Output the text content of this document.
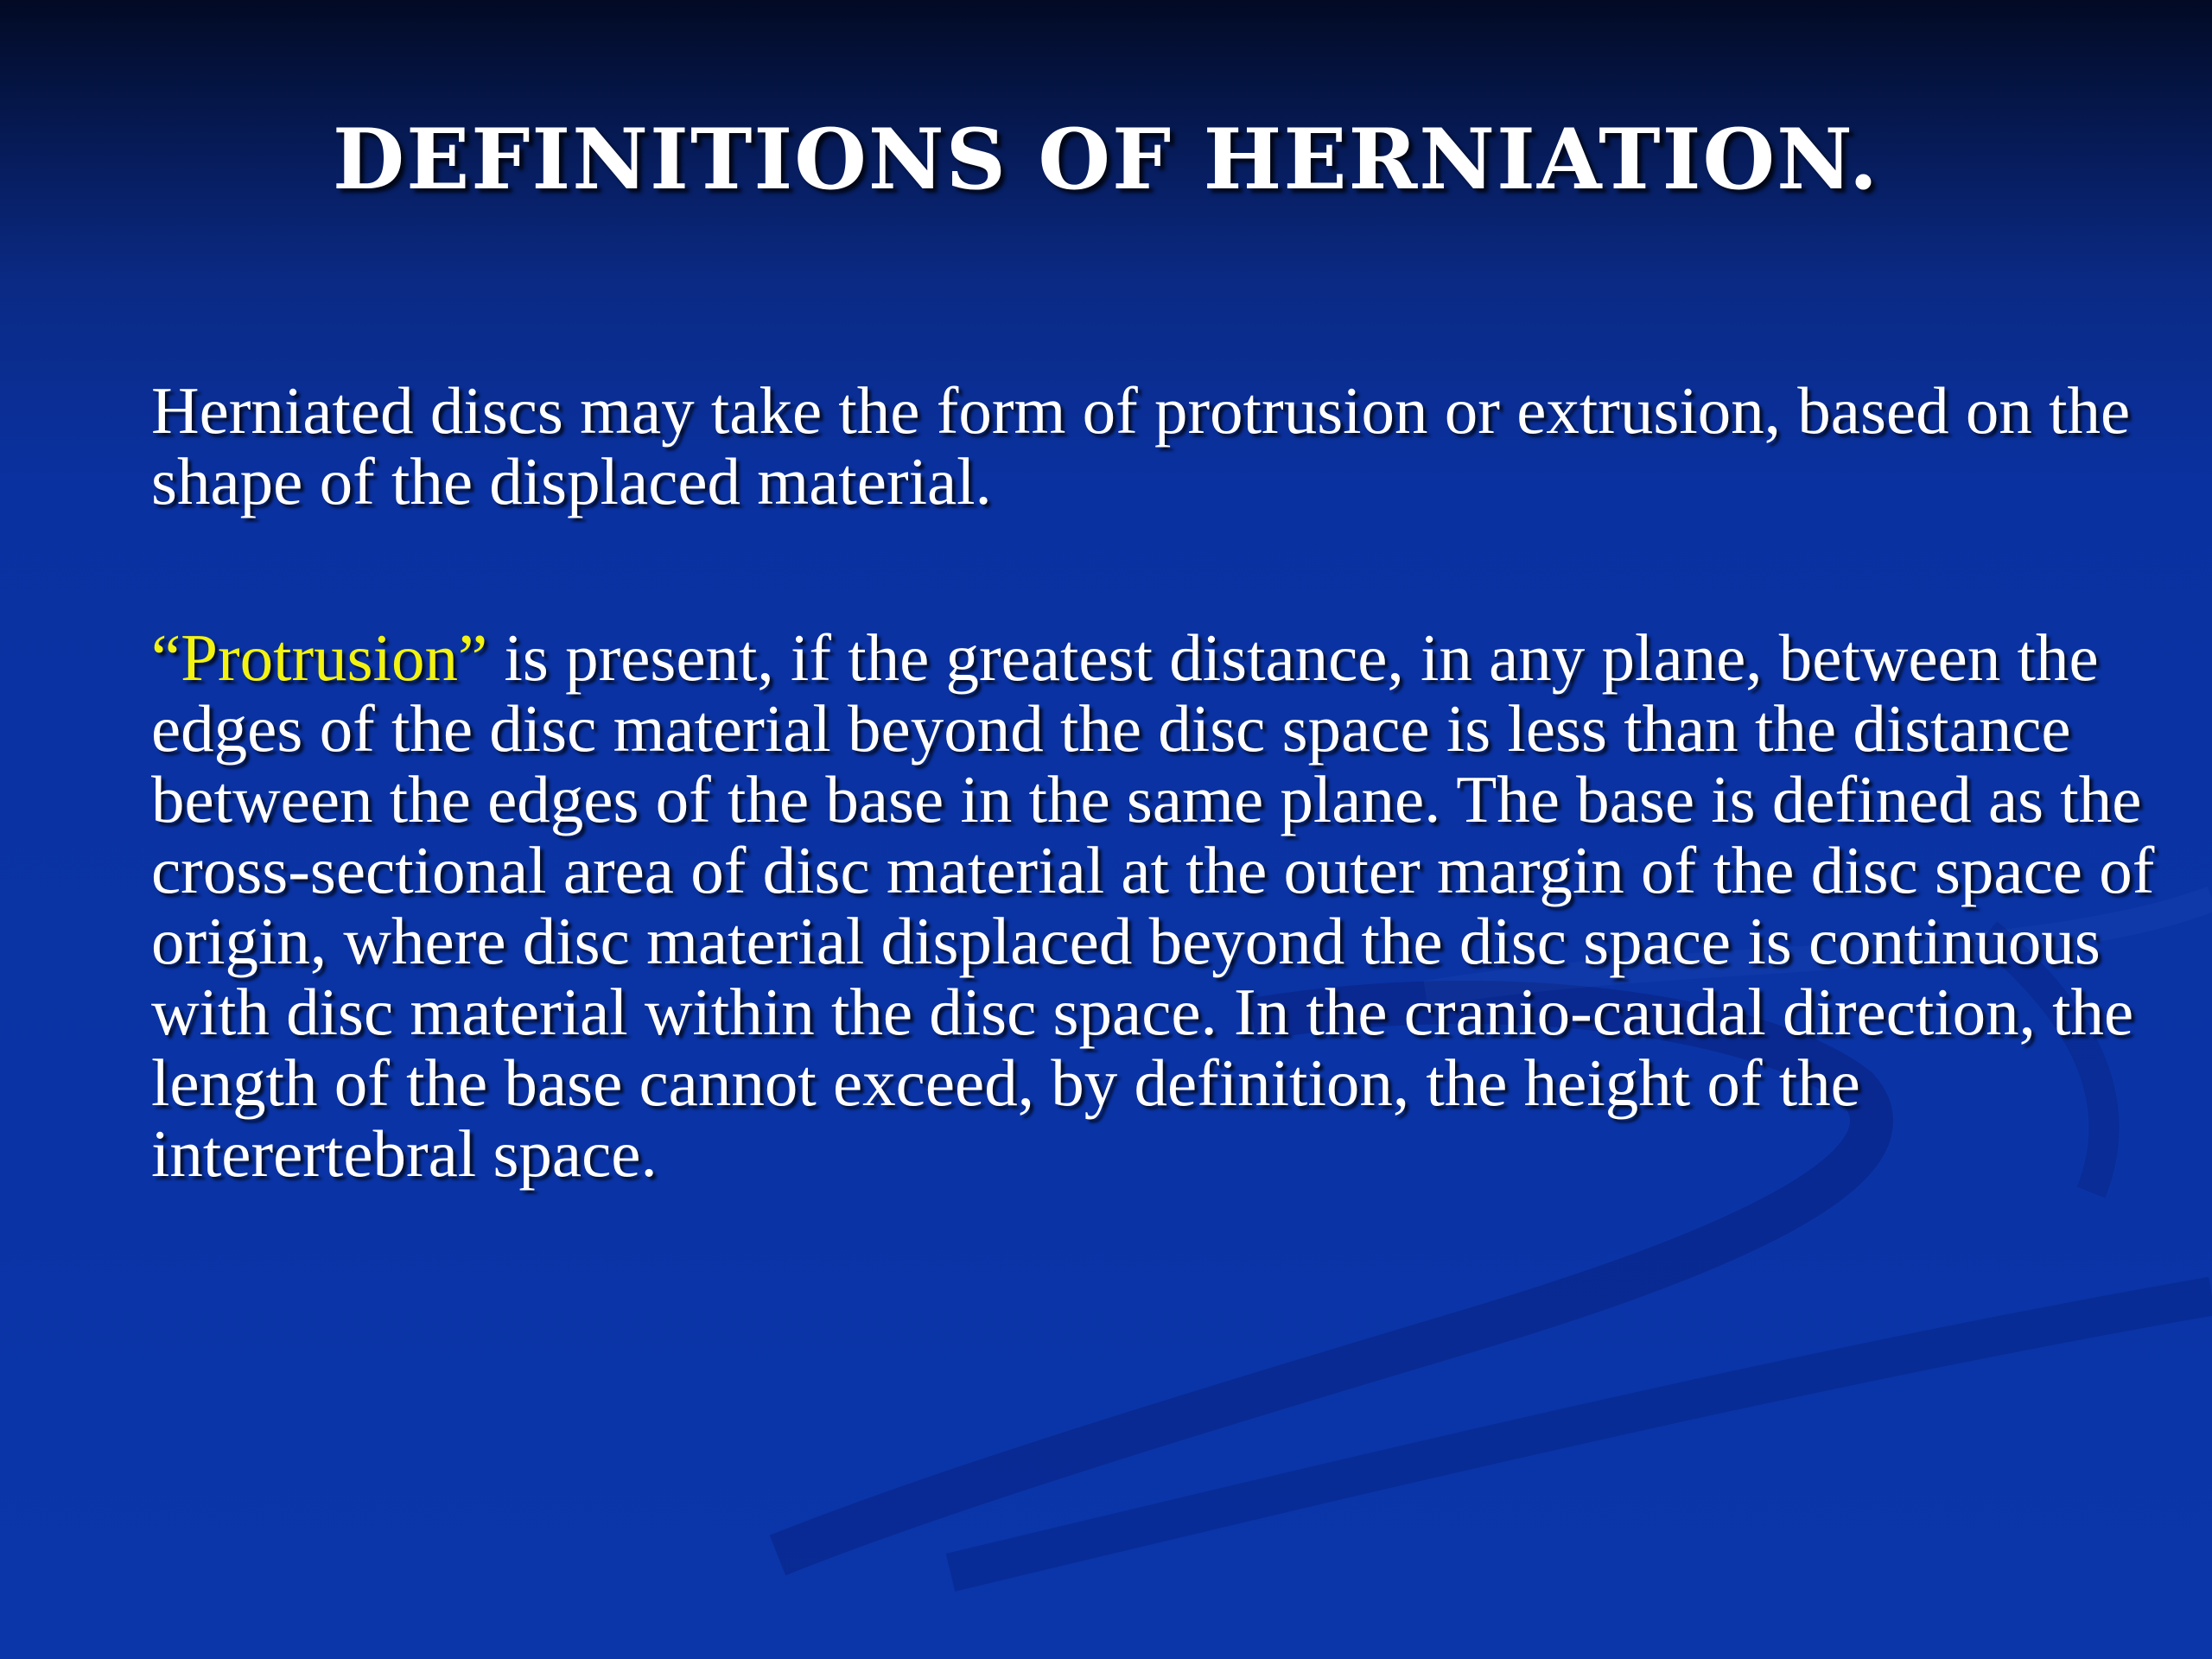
DEFINITIONS OF HERNIATION.

Herniated discs may take the form of protrusion or extrusion, based on the shape of the displaced material.

“Protrusion” is present, if the greatest distance, in any plane, between the edges of the disc material beyond the disc space is less than the distance between the edges of the base in the same plane. The base is defined as the cross-sectional area of disc material at the outer margin of the disc space of origin, where disc material displaced beyond the disc space is continuous with disc material within the disc space. In the cranio-caudal direction, the length of the base cannot exceed, by definition, the height of the interertebral space.
